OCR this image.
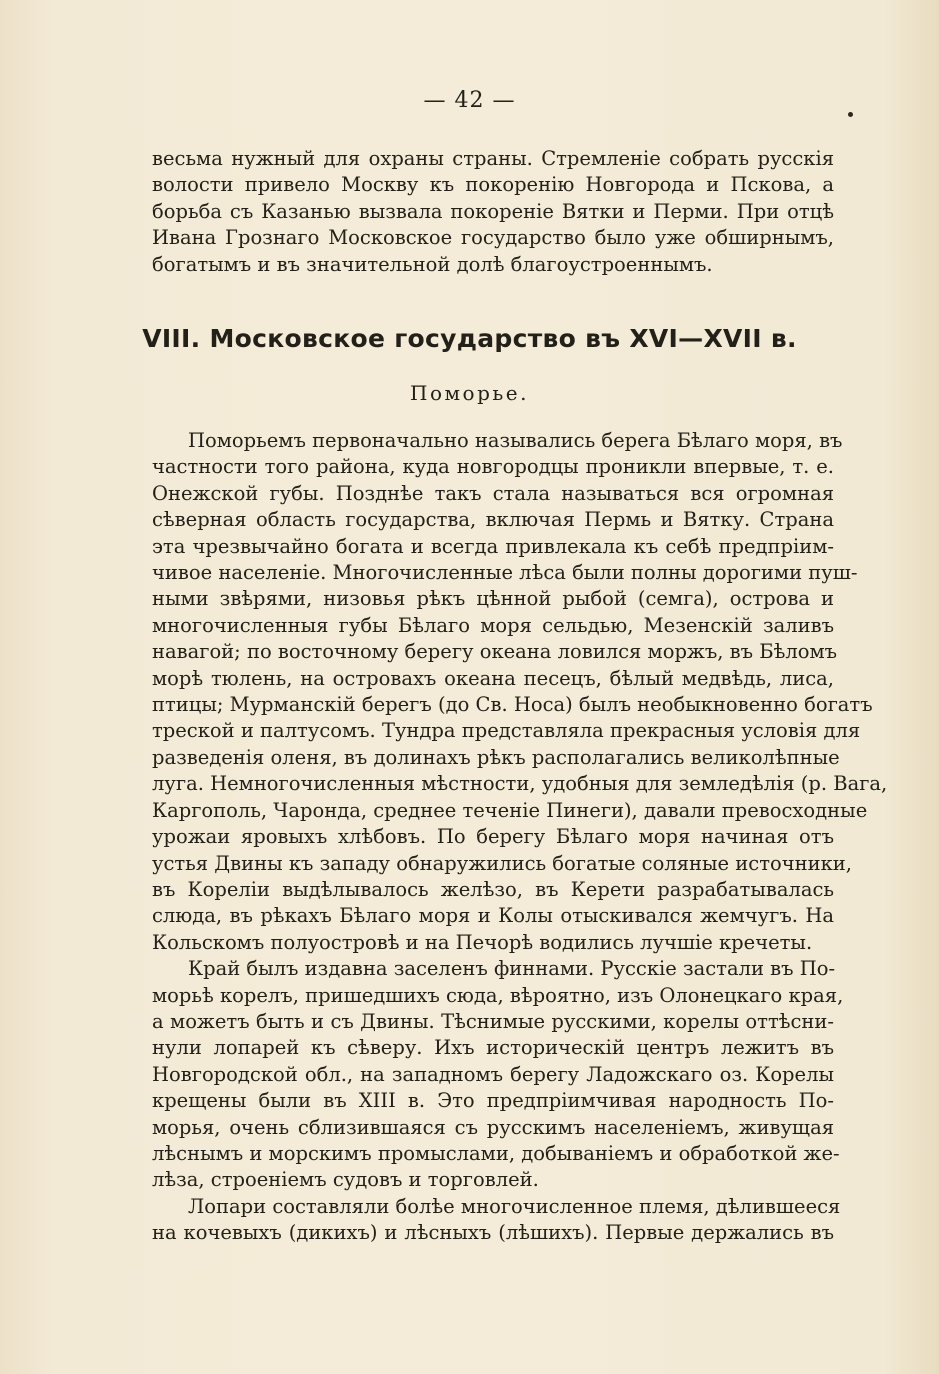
— 42 —
весьма нужный для охраны страны. Стремленіе собрать русскія
волости привело Москву къ покоренію Новгорода и Пскова, а
борьба съ Казанью вызвала покореніе Вятки и Перми. При отцѣ
Ивана Грознаго Московское государство было уже обширнымъ,
богатымъ и въ значительной долѣ благоустроеннымъ.
VIII. Московское государство въ XVI—XVII в.
Поморье.
Поморьемъ первоначально назывались берега Бѣлаго моря, въ
частности того района, куда новгородцы проникли впервые, т. е.
Онежской губы. Позднѣе такъ стала называться вся огромная
сѣверная область государства, включая Пермь и Вятку. Страна
эта чрезвычайно богата и всегда привлекала къ себѣ предпріим-
чивое населеніе. Многочисленные лѣса были полны дорогими пуш-
ными звѣрями, низовья рѣкъ цѣнной рыбой (семга), острова и
многочисленныя губы Бѣлаго моря сельдью, Мезенскій заливъ
навагой; по восточному берегу океана ловился моржъ, въ Бѣломъ
морѣ тюлень, на островахъ океана песецъ, бѣлый медвѣдь, лиса,
птицы; Мурманскій берегъ (до Св. Носа) былъ необыкновенно богатъ
треской и палтусомъ. Тундра представляла прекрасныя условія для
разведенія оленя, въ долинахъ рѣкъ располагались великолѣпные
луга. Немногочисленныя мѣстности, удобныя для земледѣлія (р. Вага,
Каргополь, Чаронда, среднее теченіе Пинеги), давали превосходные
урожаи яровыхъ хлѣбовъ. По берегу Бѣлаго моря начиная отъ
устья Двины къ западу обнаружились богатые соляные источники,
въ Кореліи выдѣлывалось желѣзо, въ Керети разрабатывалась
слюда, въ рѣкахъ Бѣлаго моря и Колы отыскивался жемчугъ. На
Кольскомъ полуостровѣ и на Печорѣ водились лучшіе кречеты.
Край былъ издавна заселенъ финнами. Русскіе застали въ По-
морьѣ корелъ, пришедшихъ сюда, вѣроятно, изъ Олонецкаго края,
а можетъ быть и съ Двины. Тѣснимые русскими, корелы оттѣсни-
нули лопарей къ сѣверу. Ихъ историческій центръ лежитъ въ
Новгородской обл., на западномъ берегу Ладожскаго оз. Корелы
крещены были въ XIII в. Это предпріимчивая народность По-
морья, очень сблизившаяся съ русскимъ населеніемъ, живущая
лѣснымъ и морскимъ промыслами, добываніемъ и обработкой же-
лѣза, строеніемъ судовъ и торговлей.
Лопари составляли болѣе многочисленное племя, дѣлившееся
на кочевыхъ (дикихъ) и лѣсныхъ (лѣшихъ). Первые держались въ
